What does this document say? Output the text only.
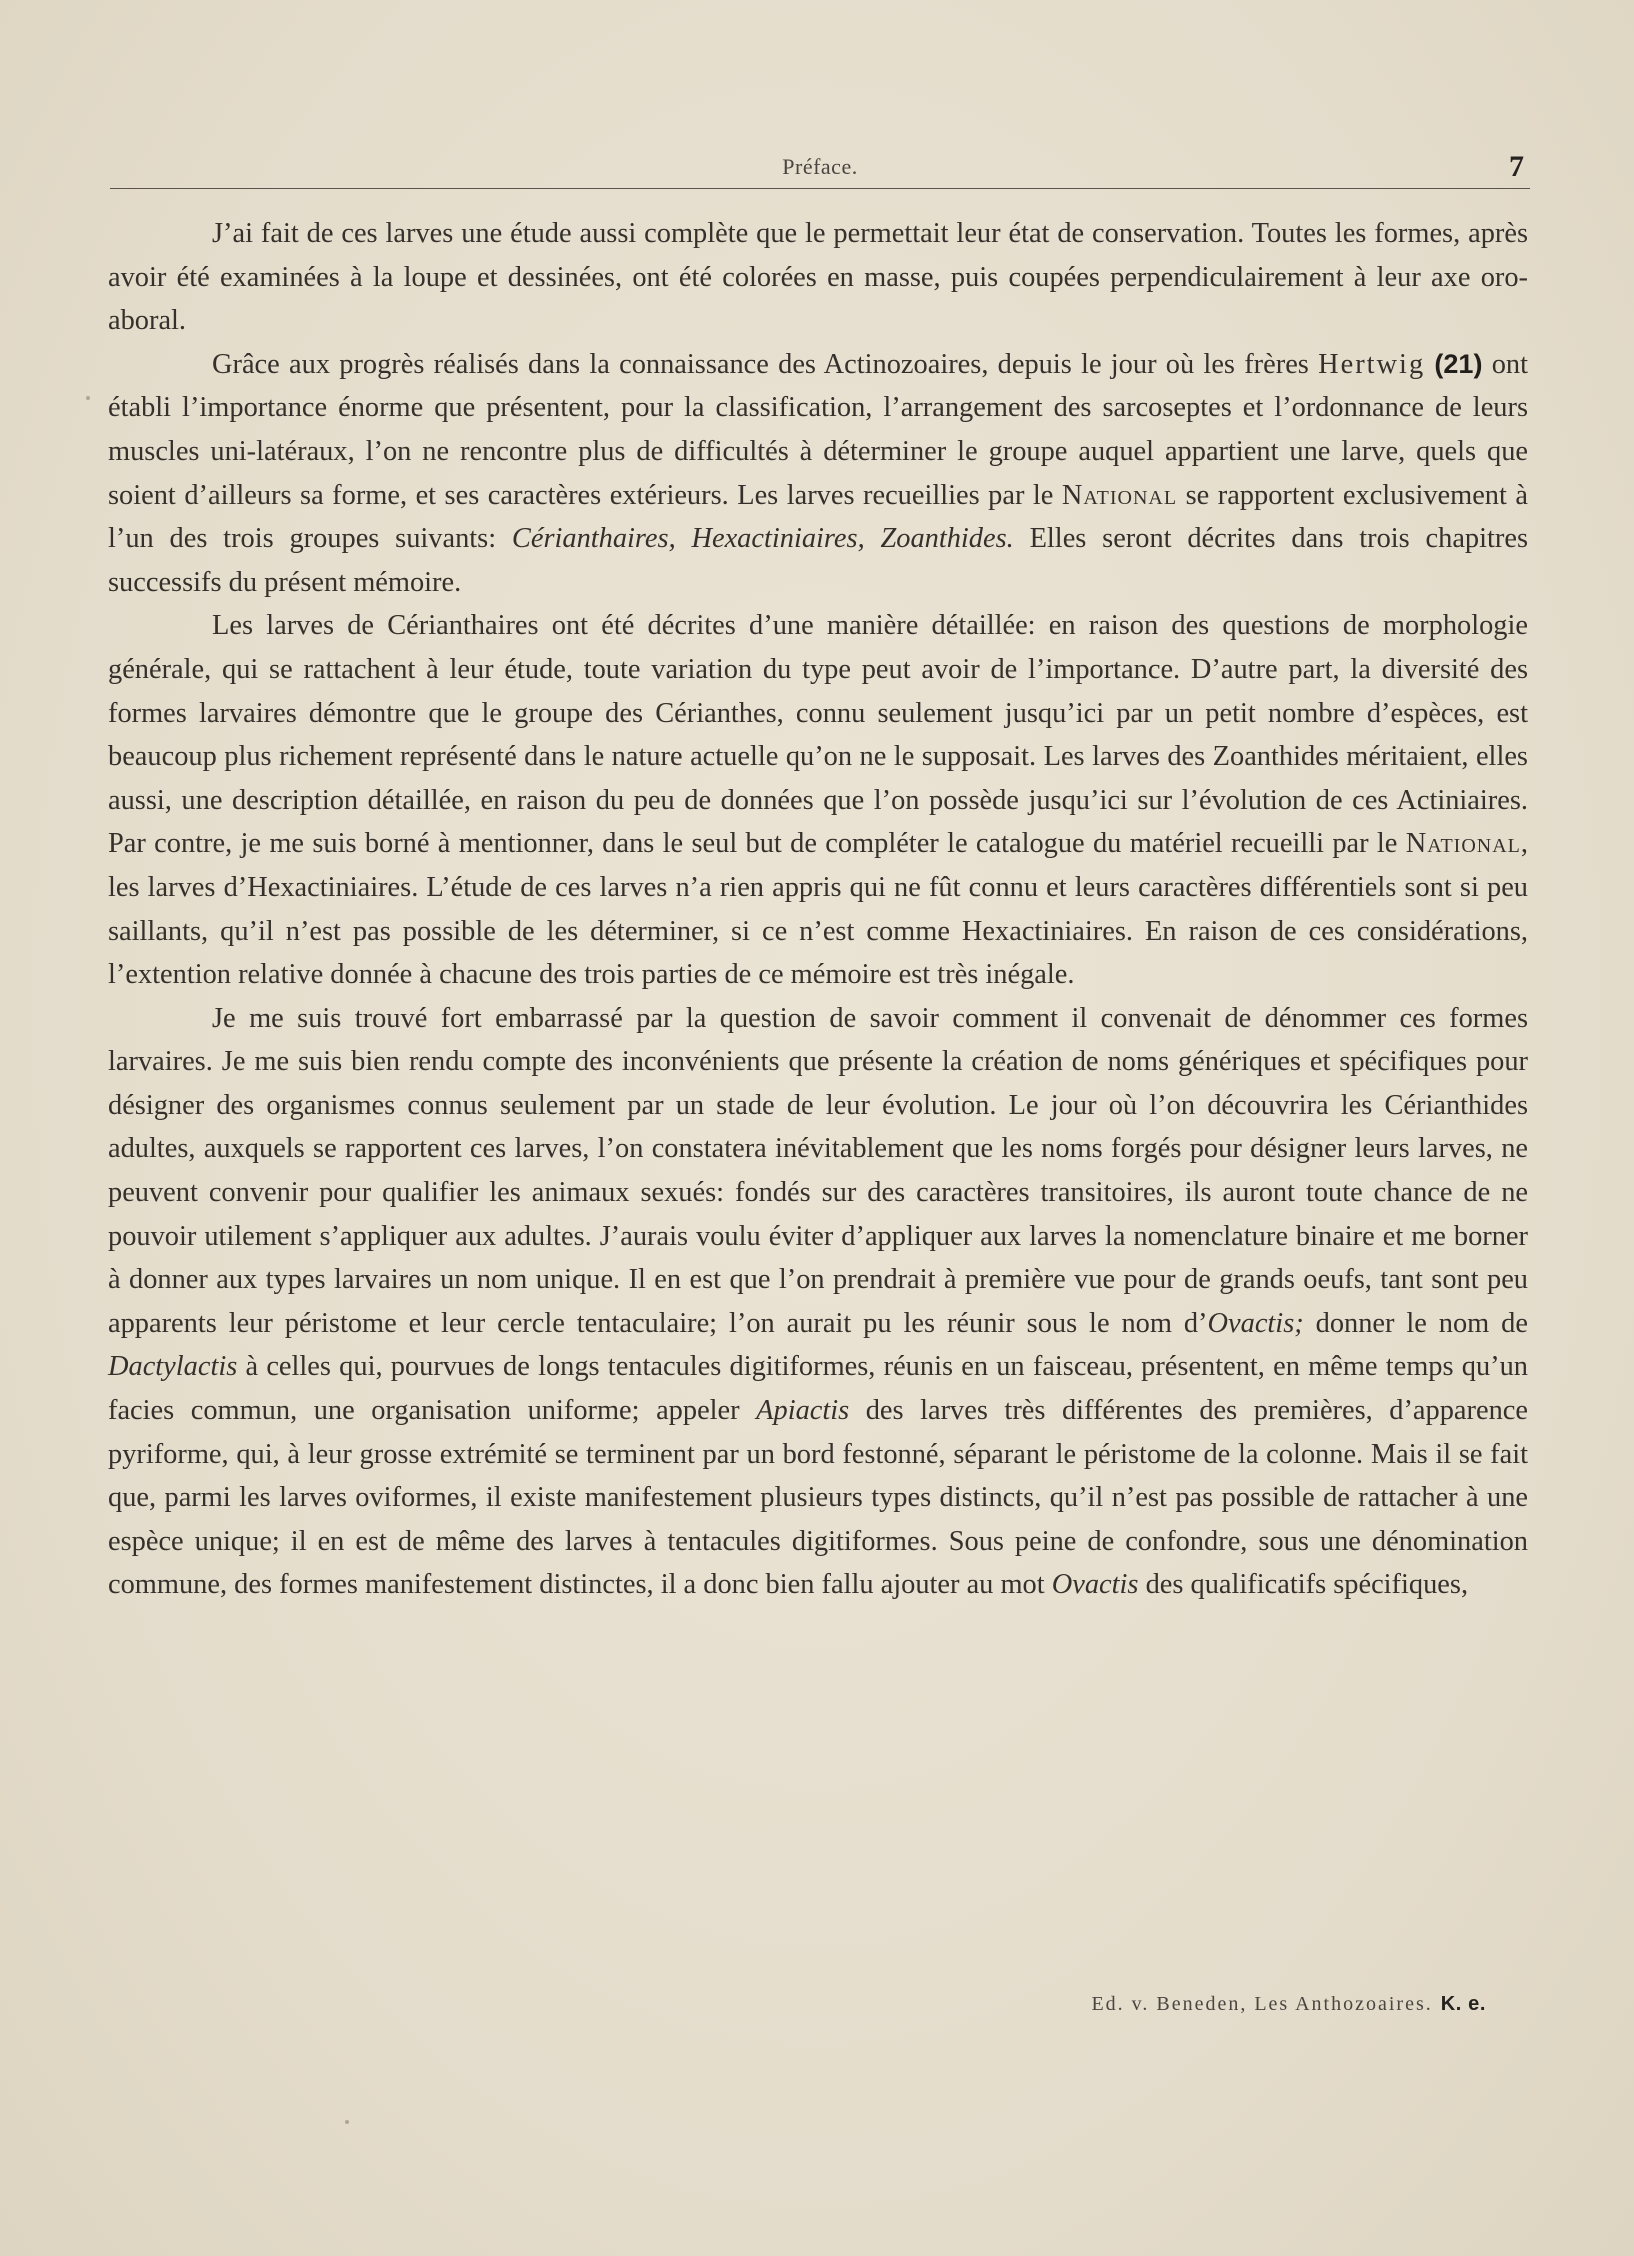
Préface.	7

J’ai fait de ces larves une étude aussi complète que le permettait leur état de conservation. Toutes les formes, après avoir été examinées à la loupe et dessinées, ont été colorées en masse, puis coupées perpendiculairement à leur axe oro-aboral.

Grâce aux progrès réalisés dans la connaissance des Actinozoaires, depuis le jour où les frères Hertwig (21) ont établi l’importance énorme que présentent, pour la classification, l’arrangement des sarcoseptes et l’ordonnance de leurs muscles uni-latéraux, l’on ne rencontre plus de difficultés à déterminer le groupe auquel appartient une larve, quels que soient d’ailleurs sa forme, et ses caractères extérieurs. Les larves recueillies par le National se rapportent exclusivement à l’un des trois groupes suivants: Cérianthaires, Hexactiniaires, Zoanthides. Elles seront décrites dans trois chapitres successifs du présent mémoire.

Les larves de Cérianthaires ont été décrites d’une manière détaillée: en raison des questions de morphologie générale, qui se rattachent à leur étude, toute variation du type peut avoir de l’importance. D’autre part, la diversité des formes larvaires démontre que le groupe des Cérianthes, connu seulement jusqu’ici par un petit nombre d’espèces, est beaucoup plus richement représenté dans le nature actuelle qu’on ne le supposait. Les larves des Zoanthides méritaient, elles aussi, une description détaillée, en raison du peu de données que l’on possède jusqu’ici sur l’évolution de ces Actiniaires. Par contre, je me suis borné à mentionner, dans le seul but de compléter le catalogue du matériel recueilli par le National, les larves d’Hexactiniaires. L’étude de ces larves n’a rien appris qui ne fût connu et leurs caractères différentiels sont si peu saillants, qu’il n’est pas possible de les déterminer, si ce n’est comme Hexactiniaires. En raison de ces considérations, l’extention relative donnée à chacune des trois parties de ce mémoire est très inégale.

Je me suis trouvé fort embarrassé par la question de savoir comment il convenait de dénommer ces formes larvaires. Je me suis bien rendu compte des inconvénients que présente la création de noms génériques et spécifiques pour désigner des organismes connus seulement par un stade de leur évolution. Le jour où l’on découvrira les Cérianthides adultes, auxquels se rapportent ces larves, l’on constatera inévitablement que les noms forgés pour désigner leurs larves, ne peuvent convenir pour qualifier les animaux sexués: fondés sur des caractères transitoires, ils auront toute chance de ne pouvoir utilement s’appliquer aux adultes. J’aurais voulu éviter d’appliquer aux larves la nomenclature binaire et me borner à donner aux types larvaires un nom unique. Il en est que l’on prendrait à première vue pour de grands oeufs, tant sont peu apparents leur péristome et leur cercle tentaculaire; l’on aurait pu les réunir sous le nom d’Ovactis; donner le nom de Dactylactis à celles qui, pourvues de longs tentacules digitiformes, réunis en un faisceau, présentent, en même temps qu’un facies commun, une organisation uniforme; appeler Apiactis des larves très différentes des premières, d’apparence pyriforme, qui, à leur grosse extrémité se terminent par un bord festonné, séparant le péristome de la colonne. Mais il se fait que, parmi les larves oviformes, il existe manifestement plusieurs types distincts, qu’il n’est pas possible de rattacher à une espèce unique; il en est de même des larves à tentacules digitiformes. Sous peine de confondre, sous une dénomination commune, des formes manifestement distinctes, il a donc bien fallu ajouter au mot Ovactis des qualificatifs spécifiques,

Ed. v. Beneden, Les Anthozoaires. K. e.
